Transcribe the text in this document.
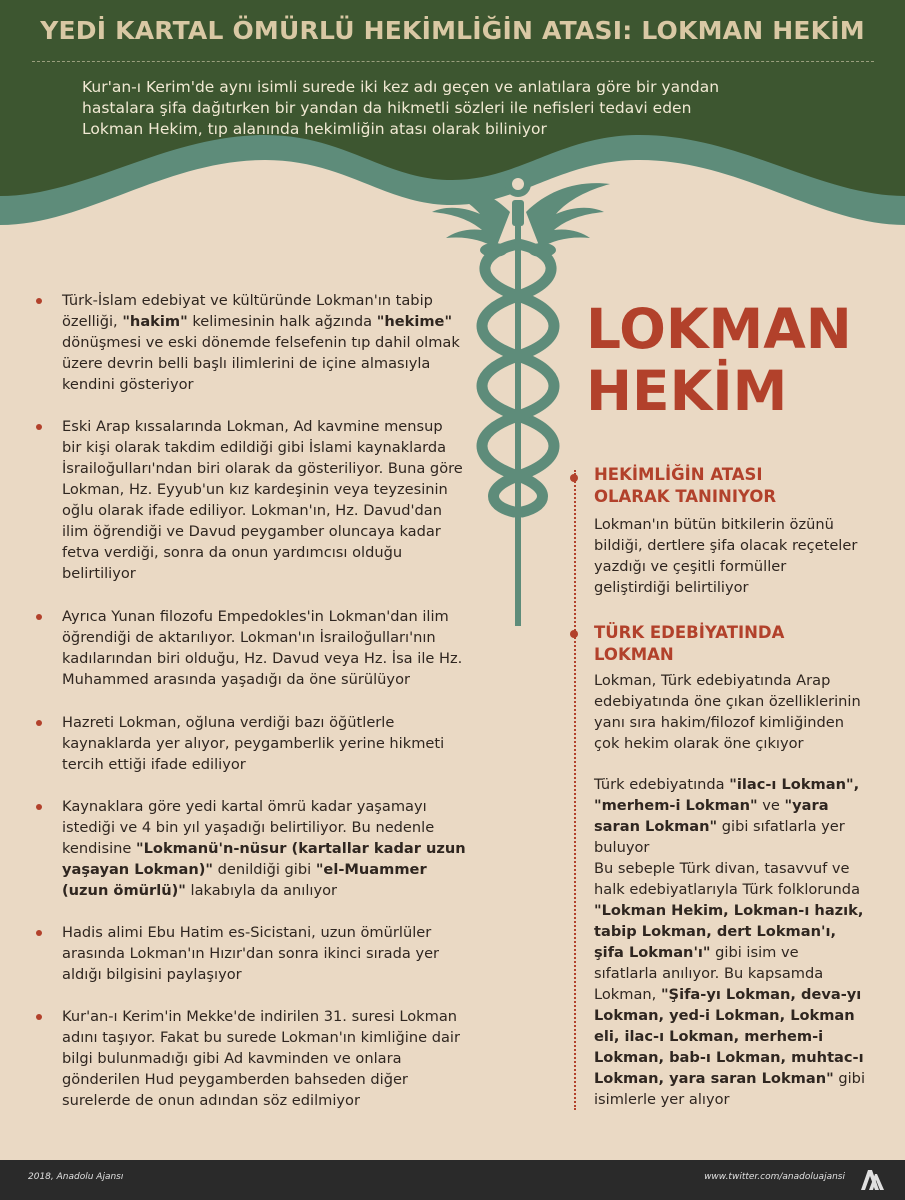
YEDİ KARTAL ÖMÜRLÜ HEKİMLİĞİN ATASI: LOKMAN HEKİM

Kur'an-ı Kerim'de aynı isimli surede iki kez adı geçen ve anlatılara göre bir yandan hastalara şifa dağıtırken bir yandan da hikmetli sözleri ile nefisleri tedavi eden Lokman Hekim, tıp alanında hekimliğin atası olarak biliniyor

LOKMAN
HEKİM
Türk-İslam edebiyat ve kültüründe Lokman'ın tabip özelliği, "hakim" kelimesinin halk ağzında "hekime" dönüşmesi ve eski dönemde felsefenin tıp dahil olmak üzere devrin belli başlı ilimlerini de içine almasıyla kendini gösteriyor
Eski Arap kıssalarında Lokman, Ad kavmine mensup bir kişi olarak takdim edildiği gibi İslami kaynaklarda İsrailoğulları'ndan biri olarak da gösteriliyor. Buna göre Lokman, Hz. Eyyub'un kız kardeşinin veya teyzesinin oğlu olarak ifade ediliyor. Lokman'ın, Hz. Davud'dan ilim öğrendiği ve Davud peygamber oluncaya kadar fetva verdiği, sonra da onun yardımcısı olduğu belirtiliyor
Ayrıca Yunan filozofu Empedokles'in Lokman'dan ilim öğrendiği de aktarılıyor. Lokman'ın İsrailoğulları'nın kadılarından biri olduğu, Hz. Davud veya Hz. İsa ile Hz. Muhammed arasında yaşadığı da öne sürülüyor
Hazreti Lokman, oğluna verdiği bazı öğütlerle kaynaklarda yer alıyor, peygamberlik yerine hikmeti tercih ettiği ifade ediliyor
Kaynaklara göre yedi kartal ömrü kadar yaşamayı istediği ve 4 bin yıl yaşadığı belirtiliyor. Bu nedenle kendisine "Lokmanü'n-nüsur (kartallar kadar uzun yaşayan Lokman)" denildiği gibi "el-Muammer (uzun ömürlü)" lakabıyla da anılıyor
Hadis alimi Ebu Hatim es-Sicistani, uzun ömürlüler arasında Lokman'ın Hızır'dan sonra ikinci sırada yer aldığı bilgisini paylaşıyor
Kur'an-ı Kerim'in Mekke'de indirilen 31. suresi Lokman adını taşıyor. Fakat bu surede Lokman'ın kimliğine dair bilgi bulunmadığı gibi Ad kavminden ve onlara gönderilen Hud peygamberden bahseden diğer surelerde de onun adından söz edilmiyor
HEKİMLİĞİN ATASI OLARAK TANINIYOR

Lokman'ın bütün bitkilerin özünü bildiği, dertlere şifa olacak reçeteler yazdığı ve çeşitli formüller geliştirdiği belirtiliyor

TÜRK EDEBİYATINDA LOKMAN

Lokman, Türk edebiyatında Arap edebiyatında öne çıkan özelliklerinin yanı sıra hakim/filozof kimliğinden çok hekim olarak öne çıkıyor

Türk edebiyatında "ilac-ı Lokman", "merhem-i Lokman" ve "yara saran Lokman" gibi sıfatlarla yer buluyor

Bu sebeple Türk divan, tasavvuf ve halk edebiyatlarıyla Türk folklorunda "Lokman Hekim, Lokman-ı hazık, tabip Lokman, dert Lokman'ı, şifa Lokman'ı" gibi isim ve sıfatlarla anılıyor. Bu kapsamda Lokman, "Şifa-yı Lokman, deva-yı Lokman, yed-i Lokman, Lokman eli, ilac-ı Lokman, merhem-i Lokman, bab-ı Lokman, muhtac-ı Lokman, yara saran Lokman" gibi isimlerle yer alıyor

2018, Anadolu Ajansı	www.twitter.com/anadoluajansi
